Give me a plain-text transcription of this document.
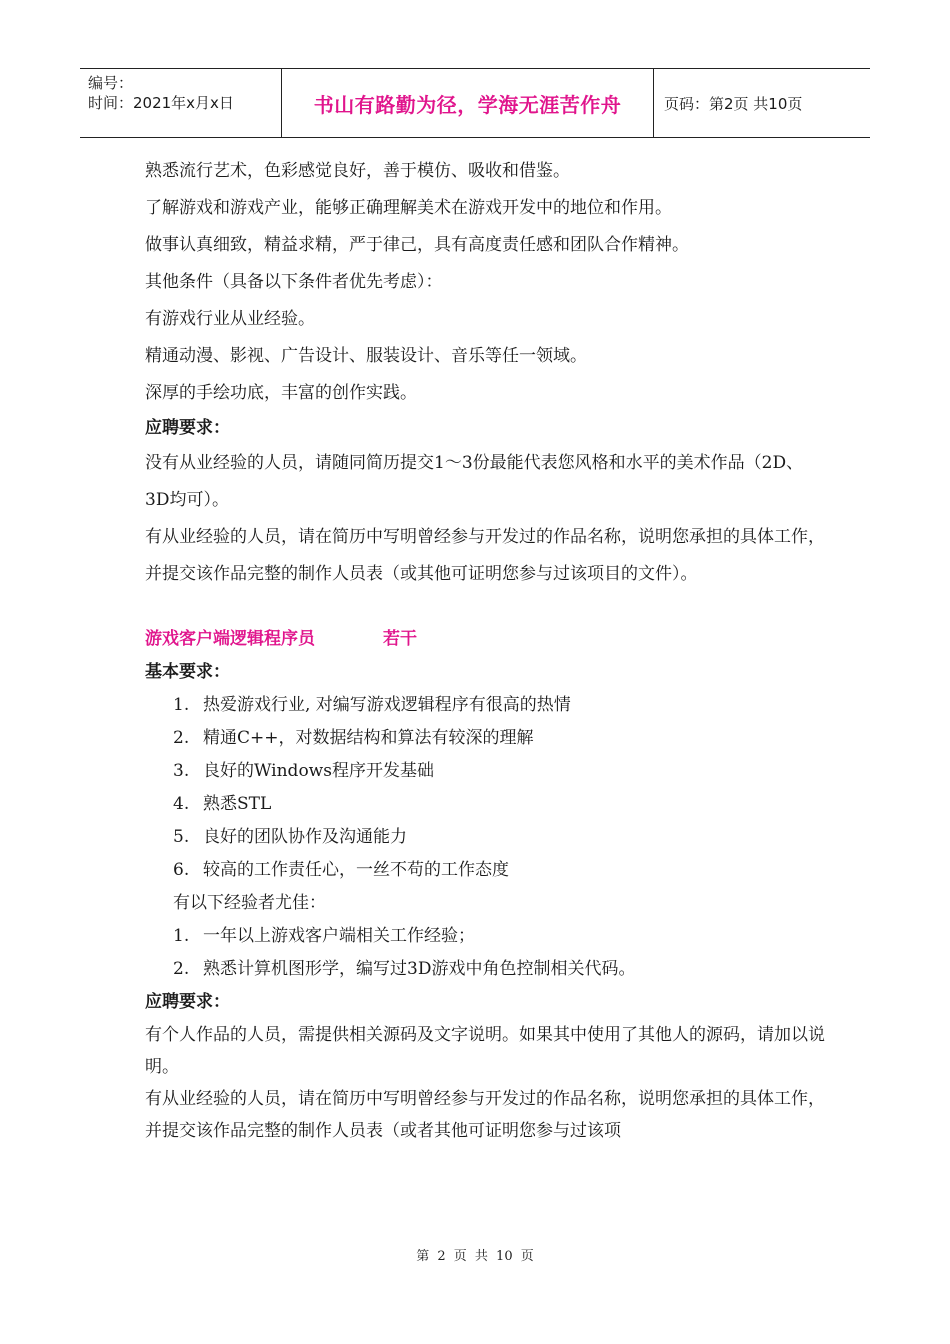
编号：
时间：2021年x月x日	书山有路勤为径，学海无涯苦作舟	页码：第2页 共10页
熟悉流行艺术，色彩感觉良好，善于模仿、吸收和借鉴。
了解游戏和游戏产业，能够正确理解美术在游戏开发中的地位和作用。
做事认真细致，精益求精，严于律己，具有高度责任感和团队合作精神。
其他条件（具备以下条件者优先考虑）：
有游戏行业从业经验。
精通动漫、影视、广告设计、服装设计、音乐等任一领域。
深厚的手绘功底，丰富的创作实践。
应聘要求：
没有从业经验的人员，请随同简历提交1～3份最能代表您风格和水平的美术作品（2D、3D均可）。
有从业经验的人员，请在简历中写明曾经参与开发过的作品名称，说明您承担的具体工作，并提交该作品完整的制作人员表（或其他可证明您参与过该项目的文件）。
游戏客户端逻辑程序员	若干
基本要求：
1. 热爱游戏行业, 对编写游戏逻辑程序有很高的热情
2. 精通C++，对数据结构和算法有较深的理解
3. 良好的Windows程序开发基础
4. 熟悉STL
5. 良好的团队协作及沟通能力
6. 较高的工作责任心，一丝不苟的工作态度
有以下经验者尤佳：
1. 一年以上游戏客户端相关工作经验；
2. 熟悉计算机图形学，编写过3D游戏中角色控制相关代码。
应聘要求：
有个人作品的人员，需提供相关源码及文字说明。如果其中使用了其他人的源码，请加以说明。
有从业经验的人员，请在简历中写明曾经参与开发过的作品名称，说明您承担的具体工作，并提交该作品完整的制作人员表（或者其他可证明您参与过该项
第 2 页 共 10 页
